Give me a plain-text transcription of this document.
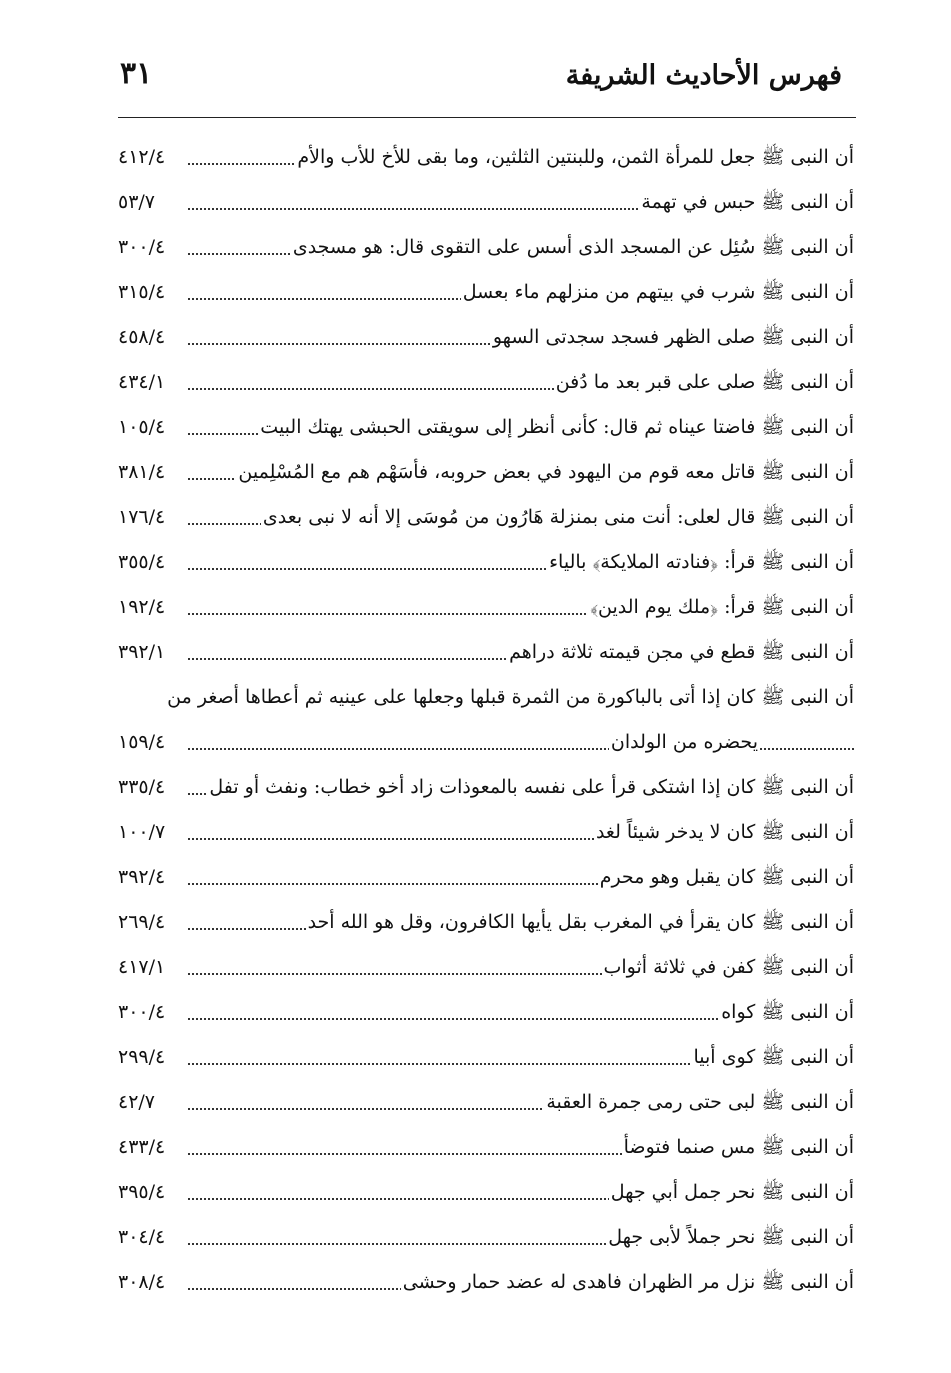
فهرس الأحاديث الشريفة
٣١
أن النبى ﷺ جعل للمرأة الثمن، وللبنتين الثلثين، وما بقى للأخ للأب والأم
٤١٢/٤
أن النبى ﷺ حبس في تهمة
٥٣/٧
أن النبى ﷺ سُئِل عن المسجد الذى أسس على التقوى قال: هو مسجدى
٣٠٠/٤
أن النبى ﷺ شرب في بيتهم من منزلهم ماء بعسل
٣١٥/٤
أن النبى ﷺ صلى الظهر فسجد سجدتى السهو
٤٥٨/٤
أن النبى ﷺ صلى على قبر بعد ما دُفن
٤٣٤/١
أن النبى ﷺ فاضتا عيناه ثم قال: كأنى أنظر إلى سويقتى الحبشى يهتك البيت
١٠٥/٤
أن النبى ﷺ قاتل معه قوم من اليهود في بعض حروبه، فأسَهْم هم مع المُسْلِمين
٣٨١/٤
أن النبى ﷺ قال لعلى: أنت منى بمنزلة هَارُون من مُوسَى إلا أنه لا نبى بعدى
١٧٦/٤
أن النبى ﷺ قرأ: ﴿فنادته الملايكة﴾ بالياء
٣٥٥/٤
أن النبى ﷺ قرأ: ﴿ملك يوم الدين﴾
١٩٢/٤
أن النبى ﷺ قطع في مجن قيمته ثلاثة دراهم
٣٩٢/١
أن النبى ﷺ كان إذا أتى بالباكورة من الثمرة قبلها وجعلها على عينيه ثم أعطاها أصغر من
يحضره من الولدان
١٥٩/٤
أن النبى ﷺ كان إذا اشتكى قرأ على نفسه بالمعوذات زاد أخو خطاب: ونفث أو تفل
٣٣٥/٤
أن النبى ﷺ كان لا يدخر شيئاً لغد
١٠٠/٧
أن النبى ﷺ كان يقبل وهو محرم
٣٩٢/٤
أن النبى ﷺ كان يقرأ في المغرب بقل يأيها الكافرون، وقل هو الله أحد
٢٦٩/٤
أن النبى ﷺ كفن في ثلاثة أثواب
٤١٧/١
أن النبى ﷺ كواه
٣٠٠/٤
أن النبى ﷺ كوى أبيا
٢٩٩/٤
أن النبى ﷺ لبى حتى رمى جمرة العقبة
٤٢/٧
أن النبى ﷺ مس صنما فتوضأ
٤٣٣/٤
أن النبى ﷺ نحر جمل أبي جهل
٣٩٥/٤
أن النبى ﷺ نحر جملاً لأبى جهل
٣٠٤/٤
أن النبى ﷺ نزل مر الظهران فاهدى له عضد حمار وحشى
٣٠٨/٤
